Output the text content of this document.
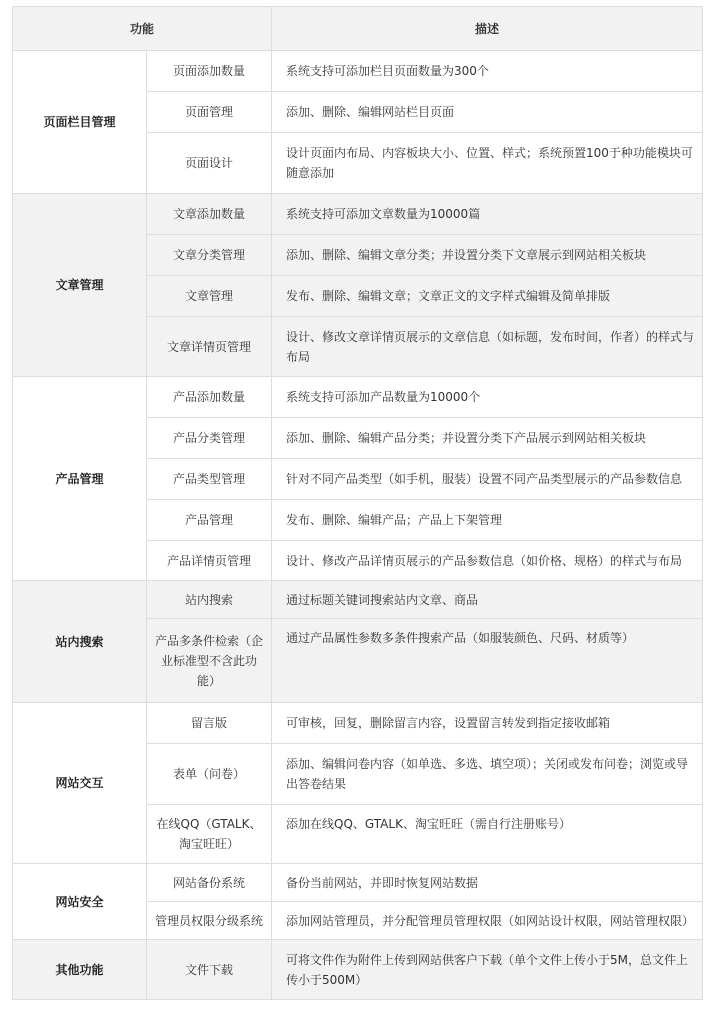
功能		描述
页面栏目管理	页面添加数量	系统支持可添加栏目页面数量为300个
	页面管理	添加、删除、编辑网站栏目页面
	页面设计	设计页面内布局、内容板块大小、位置、样式；系统预置100于种功能模块可随意添加
文章管理	文章添加数量	系统支持可添加文章数量为10000篇
	文章分类管理	添加、删除、编辑文章分类；并设置分类下文章展示到网站相关板块
	文章管理	发布、删除、编辑文章；文章正文的文字样式编辑及简单排版
	文章详情页管理	设计、修改文章详情页展示的文章信息（如标题，发布时间，作者）的样式与布局
产品管理	产品添加数量	系统支持可添加产品数量为10000个
	产品分类管理	添加、删除、编辑产品分类；并设置分类下产品展示到网站相关板块
	产品类型管理	针对不同产品类型（如手机，服装）设置不同产品类型展示的产品参数信息
	产品管理	发布、删除、编辑产品；产品上下架管理
	产品详情页管理	设计、修改产品详情页展示的产品参数信息（如价格、规格）的样式与布局
站内搜索	站内搜索	通过标题关键词搜索站内文章、商品
	产品多条件检索（企业标准型不含此功能）	通过产品属性参数多条件搜索产品（如服装颜色、尺码、材质等）
网站交互	留言版	可审核，回复，删除留言内容，设置留言转发到指定接收邮箱
	表单（问卷）	添加、编辑问卷内容（如单选、多选、填空项）；关闭或发布问卷；浏览或导出答卷结果
	在线QQ（GTALK、淘宝旺旺）	添加在线QQ、GTALK、淘宝旺旺（需自行注册账号）
网站安全	网站备份系统	备份当前网站，并即时恢复网站数据
	管理员权限分级系统	添加网站管理员，并分配管理员管理权限（如网站设计权限，网站管理权限）
其他功能	文件下载	可将文件作为附件上传到网站供客户下载（单个文件上传小于5M，总文件上传小于500M）
